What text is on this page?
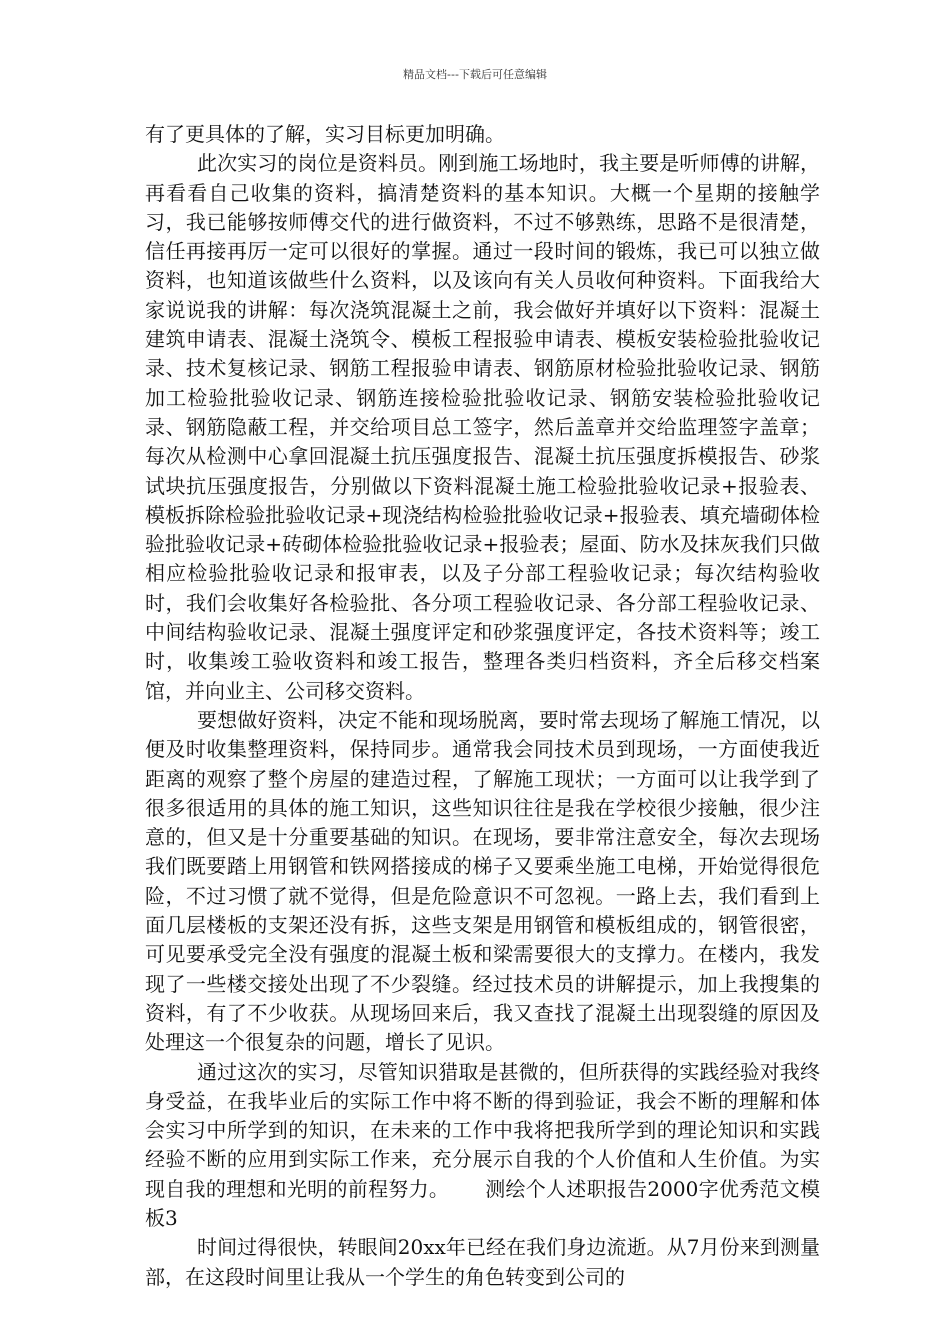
精品文档---下载后可任意编辑

有了更具体的了解，实习目标更加明确。

此次实习的岗位是资料员。刚到施工场地时，我主要是听师傅的讲解，再看看自己收集的资料，搞清楚资料的基本知识。大概一个星期的接触学习，我已能够按师傅交代的进行做资料，不过不够熟练，思路不是很清楚，信任再接再厉一定可以很好的掌握。通过一段时间的锻炼，我已可以独立做资料，也知道该做些什么资料，以及该向有关人员收何种资料。下面我给大家说说我的讲解：每次浇筑混凝土之前，我会做好并填好以下资料：混凝土建筑申请表、混凝土浇筑令、模板工程报验申请表、模板安装检验批验收记录、技术复核记录、钢筋工程报验申请表、钢筋原材检验批验收记录、钢筋加工检验批验收记录、钢筋连接检验批验收记录、钢筋安装检验批验收记录、钢筋隐蔽工程，并交给项目总工签字，然后盖章并交给监理签字盖章；每次从检测中心拿回混凝土抗压强度报告、混凝土抗压强度拆模报告、砂浆试块抗压强度报告，分别做以下资料混凝土施工检验批验收记录+报验表、模板拆除检验批验收记录+现浇结构检验批验收记录+报验表、填充墙砌体检验批验收记录+砖砌体检验批验收记录+报验表；屋面、防水及抹灰我们只做相应检验批验收记录和报审表，以及子分部工程验收记录；每次结构验收时，我们会收集好各检验批、各分项工程验收记录、各分部工程验收记录、中间结构验收记录、混凝土强度评定和砂浆强度评定，各技术资料等；竣工时，收集竣工验收资料和竣工报告，整理各类归档资料，齐全后移交档案馆，并向业主、公司移交资料。

要想做好资料，决定不能和现场脱离，要时常去现场了解施工情况，以便及时收集整理资料，保持同步。通常我会同技术员到现场，一方面使我近距离的观察了整个房屋的建造过程，了解施工现状；一方面可以让我学到了很多很适用的具体的施工知识，这些知识往往是我在学校很少接触，很少注意的，但又是十分重要基础的知识。在现场，要非常注意安全，每次去现场我们既要踏上用钢管和铁网搭接成的梯子又要乘坐施工电梯，开始觉得很危险，不过习惯了就不觉得，但是危险意识不可忽视。一路上去，我们看到上面几层楼板的支架还没有拆，这些支架是用钢管和模板组成的，钢管很密，可见要承受完全没有强度的混凝土板和梁需要很大的支撑力。在楼内，我发现了一些楼交接处出现了不少裂缝。经过技术员的讲解提示，加上我搜集的资料，有了不少收获。从现场回来后，我又查找了混凝土出现裂缝的原因及处理这一个很复杂的问题，增长了见识。

通过这次的实习，尽管知识猎取是甚微的，但所获得的实践经验对我终身受益，在我毕业后的实际工作中将不断的得到验证，我会不断的理解和体会实习中所学到的知识，在未来的工作中我将把我所学到的理论知识和实践经验不断的应用到实际工作来，充分展示自我的个人价值和人生价值。为实现自我的理想和光明的前程努力。 测绘个人述职报告2000字优秀范文模板3

时间过得很快，转眼间20xx年已经在我们身边流逝。从7月份来到测量部，在这段时间里让我从一个学生的角色转变到公司的
